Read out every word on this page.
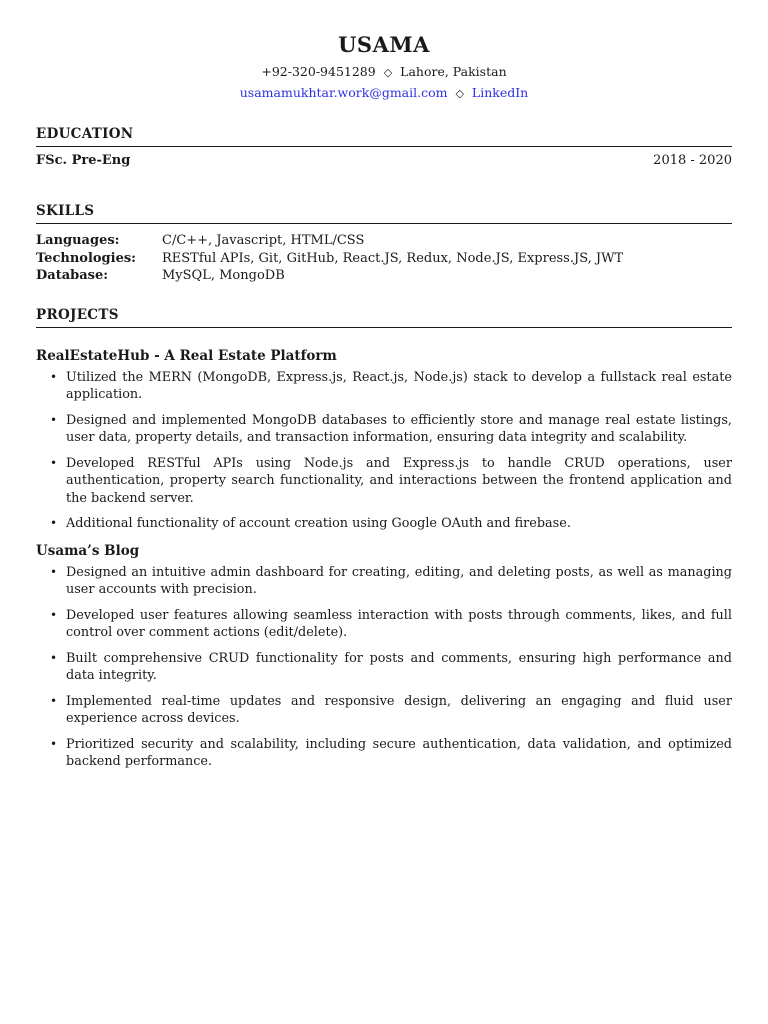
USAMA
+92-320-9451289 ◇ Lahore, Pakistan
usamamukhtar.work@gmail.com ◇ LinkedIn
EDUCATION
FSc. Pre-Eng	2018 - 2020
SKILLS
Languages:	C/C++, Javascript, HTML/CSS
Technologies:	RESTful APIs, Git, GitHub, React.JS, Redux, Node.JS, Express.JS, JWT
Database:	MySQL, MongoDB
PROJECTS
RealEstateHub - A Real Estate Platform
• Utilized the MERN (MongoDB, Express.js, React.js, Node.js) stack to develop a fullstack real estate application.
• Designed and implemented MongoDB databases to efficiently store and manage real estate listings, user data, property details, and transaction information, ensuring data integrity and scalability.
• Developed RESTful APIs using Node.js and Express.js to handle CRUD operations, user authentication, property search functionality, and interactions between the frontend application and the backend server.
• Additional functionality of account creation using Google OAuth and firebase.
Usama’s Blog
• Designed an intuitive admin dashboard for creating, editing, and deleting posts, as well as managing user accounts with precision.
• Developed user features allowing seamless interaction with posts through comments, likes, and full control over comment actions (edit/delete).
• Built comprehensive CRUD functionality for posts and comments, ensuring high performance and data integrity.
• Implemented real-time updates and responsive design, delivering an engaging and fluid user experience across devices.
• Prioritized security and scalability, including secure authentication, data validation, and optimized backend performance.
